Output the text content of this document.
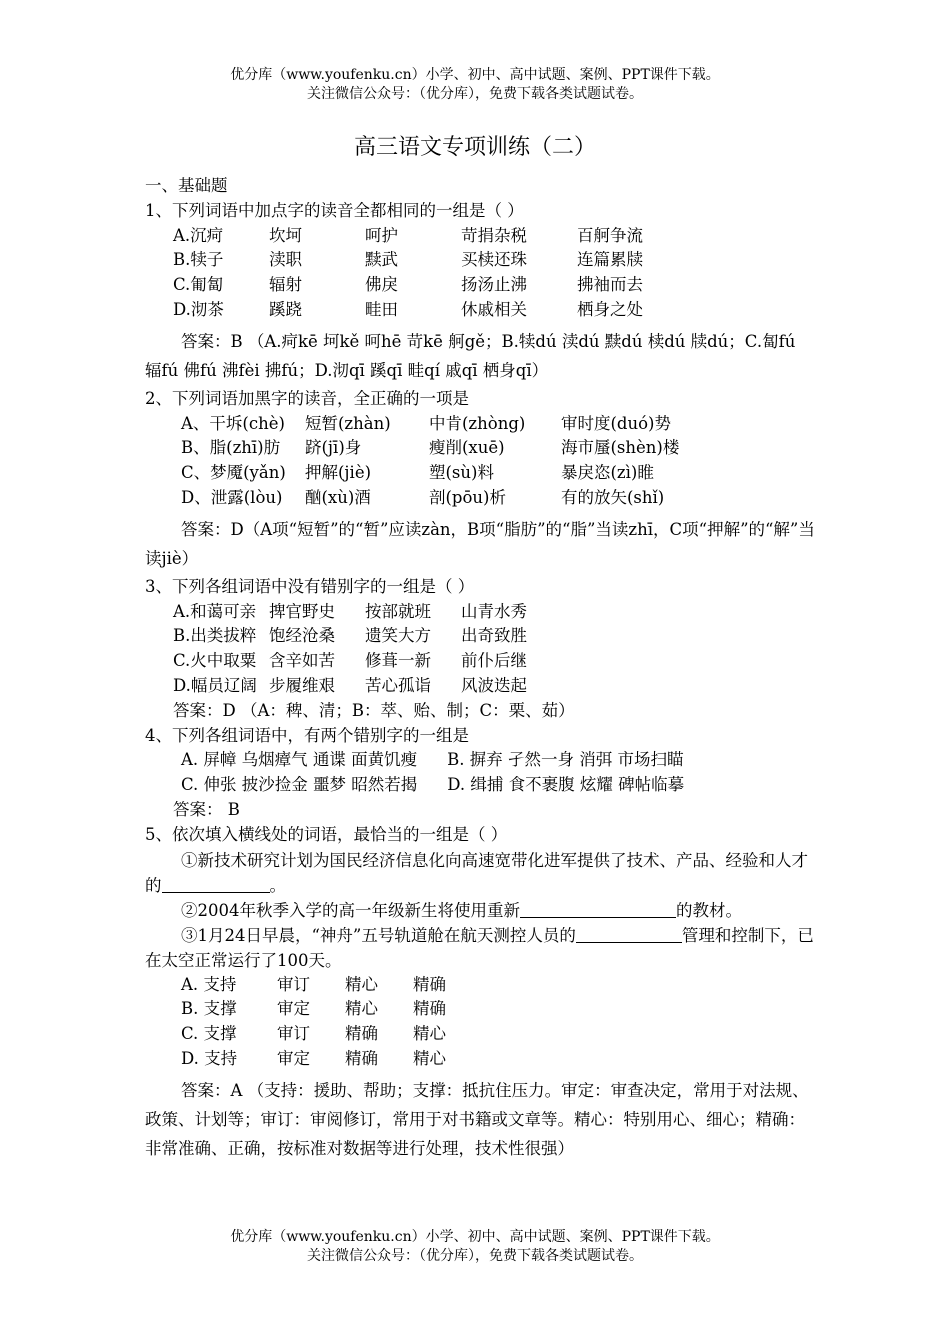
优分库（www.youfenku.cn）小学、初中、高中试题、案例、PPT课件下载。
关注微信公众号：（优分库），免费下载各类试题试卷。
高三语文专项训练（二）
一、基础题
1、下列词语中加点字的读音全都相同的一组是（ ）
A.沉疴	坎坷	呵护	苛捐杂税	百舸争流
B.犊子	渎职	黩武	买椟还珠	连篇累牍
C.匍匐	辐射	佛戾	扬汤止沸	拂袖而去
D.沏茶	蹊跷	畦田	休戚相关	栖身之处
答案：B （A.疴kē 坷kě 呵hē 苛kē 舸gě；B.犊dú 渎dú 黩dú 椟dú 牍dú；C.匐fú 辐fú 佛fú 沸fèi 拂fú；D.沏qī 蹊qī 畦qí 戚qī 栖身qī）
2、下列词语加黑字的读音，全正确的一项是
A、干坼(chè) 短暂(zhàn) 中肯(zhòng) 审时度(duó)势
B、脂(zhī)肪 跻(jī)身	瘦削(xuē)	海市蜃(shèn)楼
C、梦魇(yǎn) 押解(jiè)	塑(sù)料	暴戾恣(zì)睢
D、泄露(lòu) 酗(xù)酒	剖(pōu)析	有的放矢(shǐ)
答案：D（A项“短暂”的“暂”应读zàn，B项“脂肪”的“脂”当读zhī，C项“押解”的“解”当读jiè）
3、下列各组词语中没有错别字的一组是（ ）
A.和蔼可亲 捭官野史 按部就班 山青水秀
B.出类拔粹 饱经沧桑 遗笑大方 出奇致胜
C.火中取粟 含辛如苦 修葺一新 前仆后继
D.幅员辽阔 步履维艰 苦心孤诣 风波迭起
答案：D （A：稗、清；B：萃、贻、制；C：栗、茹）
4、下列各组词语中，有两个错别字的一组是
A. 屏幛 乌烟瘴气 通谍 面黄饥瘦 B. 摒弃 孑然一身 消弭 市场扫瞄
C. 伸张 披沙捡金 噩梦 昭然若揭 D. 缉捕 食不裹腹 炫耀 碑帖临摹
答案： B
5、依次填入横线处的词语，最恰当的一组是（ ）
①新技术研究计划为国民经济信息化向高速宽带化进军提供了技术、产品、经验和人才的	。
②2004年秋季入学的高一年级新生将使用重新	的教材。
③1月24日早晨，“神舟”五号轨道舱在航天测控人员的	管理和控制下，已在太空正常运行了100天。
A. 支持 审订 精心 精确
B. 支撑 审定 精心 精确
C. 支撑 审订 精确 精心
D. 支持 审定 精确 精心
答案：A （支持：援助、帮助；支撑：抵抗住压力。审定：审查决定，常用于对法规、政策、计划等；审订：审阅修订，常用于对书籍或文章等。精心：特别用心、细心；精确：非常准确、正确，按标准对数据等进行处理，技术性很强）
优分库（www.youfenku.cn）小学、初中、高中试题、案例、PPT课件下载。
关注微信公众号：（优分库），免费下载各类试题试卷。
